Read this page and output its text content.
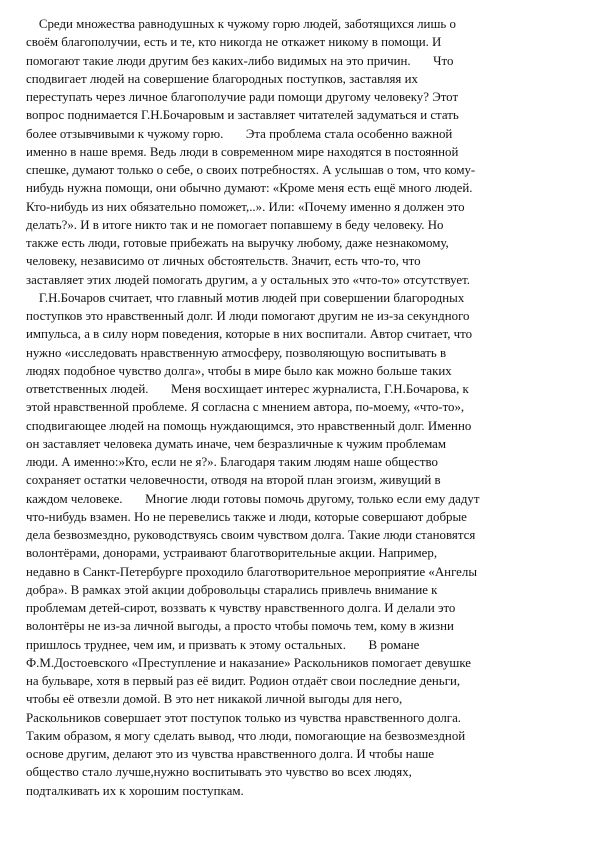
Среди множества равнодушных к чужому горю людей, заботящихся лишь о
своём благополучии, есть и те, кто никогда не откажет никому в помощи. И
помогают такие люди другим без каких-либо видимых на это причин.       Что
сподвигает людей на совершение благородных поступков, заставляя их
переступать через личное благополучие ради помощи другому человеку? Этот
вопрос поднимается Г.Н.Бочаровым и заставляет читателей задуматься и стать
более отзывчивыми к чужому горю.       Эта проблема стала особенно важной
именно в наше время. Ведь люди в современном мире находятся в постоянной
спешке, думают только о себе, о своих потребностях. А услышав о том, что кому-
нибудь нужна помощи, они обычно думают: «Кроме меня есть ещё много людей.
Кто-нибудь из них обязательно поможет,..». Или: «Почему именно я должен это
делать?». И в итоге никто так и не помогает попавшему в беду человеку. Но
также есть люди, готовые прибежать на выручку любому, даже незнакомому,
человеку, независимо от личных обстоятельств. Значит, есть что-то, что
заставляет этих людей помогать другим, а у остальных это «что-то» отсутствует.
Г.Н.Бочаров считает, что главный мотив людей при совершении благородных
поступков это нравственный долг. И люди помогают другим не из-за секундного
импульса, а в силу норм поведения, которые в них воспитали. Автор считает, что
нужно «исследовать нравственную атмосферу, позволяющую воспитывать в
людях подобное чувство долга», чтобы в мире было как можно больше таких
ответственных людей.       Меня восхищает интерес журналиста, Г.Н.Бочарова, к
этой нравственной проблеме. Я согласна с мнением автора, по-моему, «что-то»,
сподвигающее людей на помощь нуждающимся, это нравственный долг. Именно
он заставляет человека думать иначе, чем безразличные к чужим проблемам
люди. А именно:»Кто, если не я?». Благодаря таким людям наше общество
сохраняет остатки человечности, отводя на второй план эгоизм, живущий в
каждом человеке.       Многие люди готовы помочь другому, только если ему дадут
что-нибудь взамен. Но не перевелись также и люди, которые совершают добрые
дела безвозмездно, руководствуясь своим чувством долга. Такие люди становятся
волонтёрами, донорами, устраивают благотворительные акции. Например,
недавно в Санкт-Петербурге проходило благотворительное мероприятие «Ангелы
добра». В рамках этой акции добровольцы старались привлечь внимание к
проблемам детей-сирот, воззвать к чувству нравственного долга. И делали это
волонтёры не из-за личной выгоды, а просто чтобы помочь тем, кому в жизни
пришлось труднее, чем им, и призвать к этому остальных.       В романе
Ф.М.Достоевского «Преступление и наказание» Раскольников помогает девушке
на бульваре, хотя в первый раз её видит. Родион отдаёт свои последние деньги,
чтобы её отвезли домой. В это нет никакой личной выгоды для него,
Раскольников совершает этот поступок только из чувства нравственного долга.
Таким образом, я могу сделать вывод, что люди, помогающие на безвозмездной
основе другим, делают это из чувства нравственного долга. И чтобы наше
общество стало лучше,нужно воспитывать это чувство во всех людях,
подталкивать их к хорошим поступкам.
